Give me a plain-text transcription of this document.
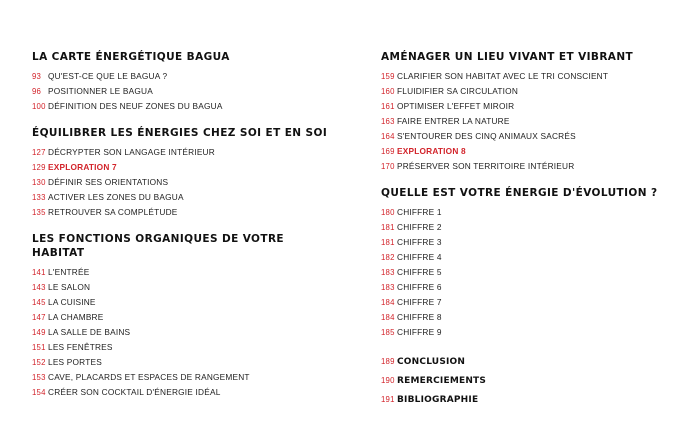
LA CARTE ÉNERGÉTIQUE BAGUA
93 QU'EST-CE QUE LE BAGUA ?
96 POSITIONNER LE BAGUA
100 DÉFINITION DES NEUF ZONES DU BAGUA
ÉQUILIBRER LES ÉNERGIES CHEZ SOI ET EN SOI
127 DÉCRYPTER SON LANGAGE INTÉRIEUR
129 EXPLORATION 7
130 DÉFINIR SES ORIENTATIONS
133 ACTIVER LES ZONES DU BAGUA
135 RETROUVER SA COMPLÉTUDE
LES FONCTIONS ORGANIQUES DE VOTRE HABITAT
141 L'ENTRÉE
143 LE SALON
145 LA CUISINE
147 LA CHAMBRE
149 LA SALLE DE BAINS
151 LES FENÊTRES
152 LES PORTES
153 CAVE, PLACARDS ET ESPACES DE RANGEMENT
154 CRÉER SON COCKTAIL D'ÉNERGIE IDÉAL
AMÉNAGER UN LIEU VIVANT ET VIBRANT
159 CLARIFIER SON HABITAT AVEC LE TRI CONSCIENT
160 FLUIDIFIER SA CIRCULATION
161 OPTIMISER L'EFFET MIROIR
163 FAIRE ENTRER LA NATURE
164 S'ENTOURER DES CINQ ANIMAUX SACRÉS
169 EXPLORATION 8
170 PRÉSERVER SON TERRITOIRE INTÉRIEUR
QUELLE EST VOTRE ÉNERGIE D'ÉVOLUTION ?
180 CHIFFRE 1
181 CHIFFRE 2
181 CHIFFRE 3
182 CHIFFRE 4
183 CHIFFRE 5
183 CHIFFRE 6
184 CHIFFRE 7
184 CHIFFRE 8
185 CHIFFRE 9
189 CONCLUSION
190 REMERCIEMENTS
191 BIBLIOGRAPHIE
